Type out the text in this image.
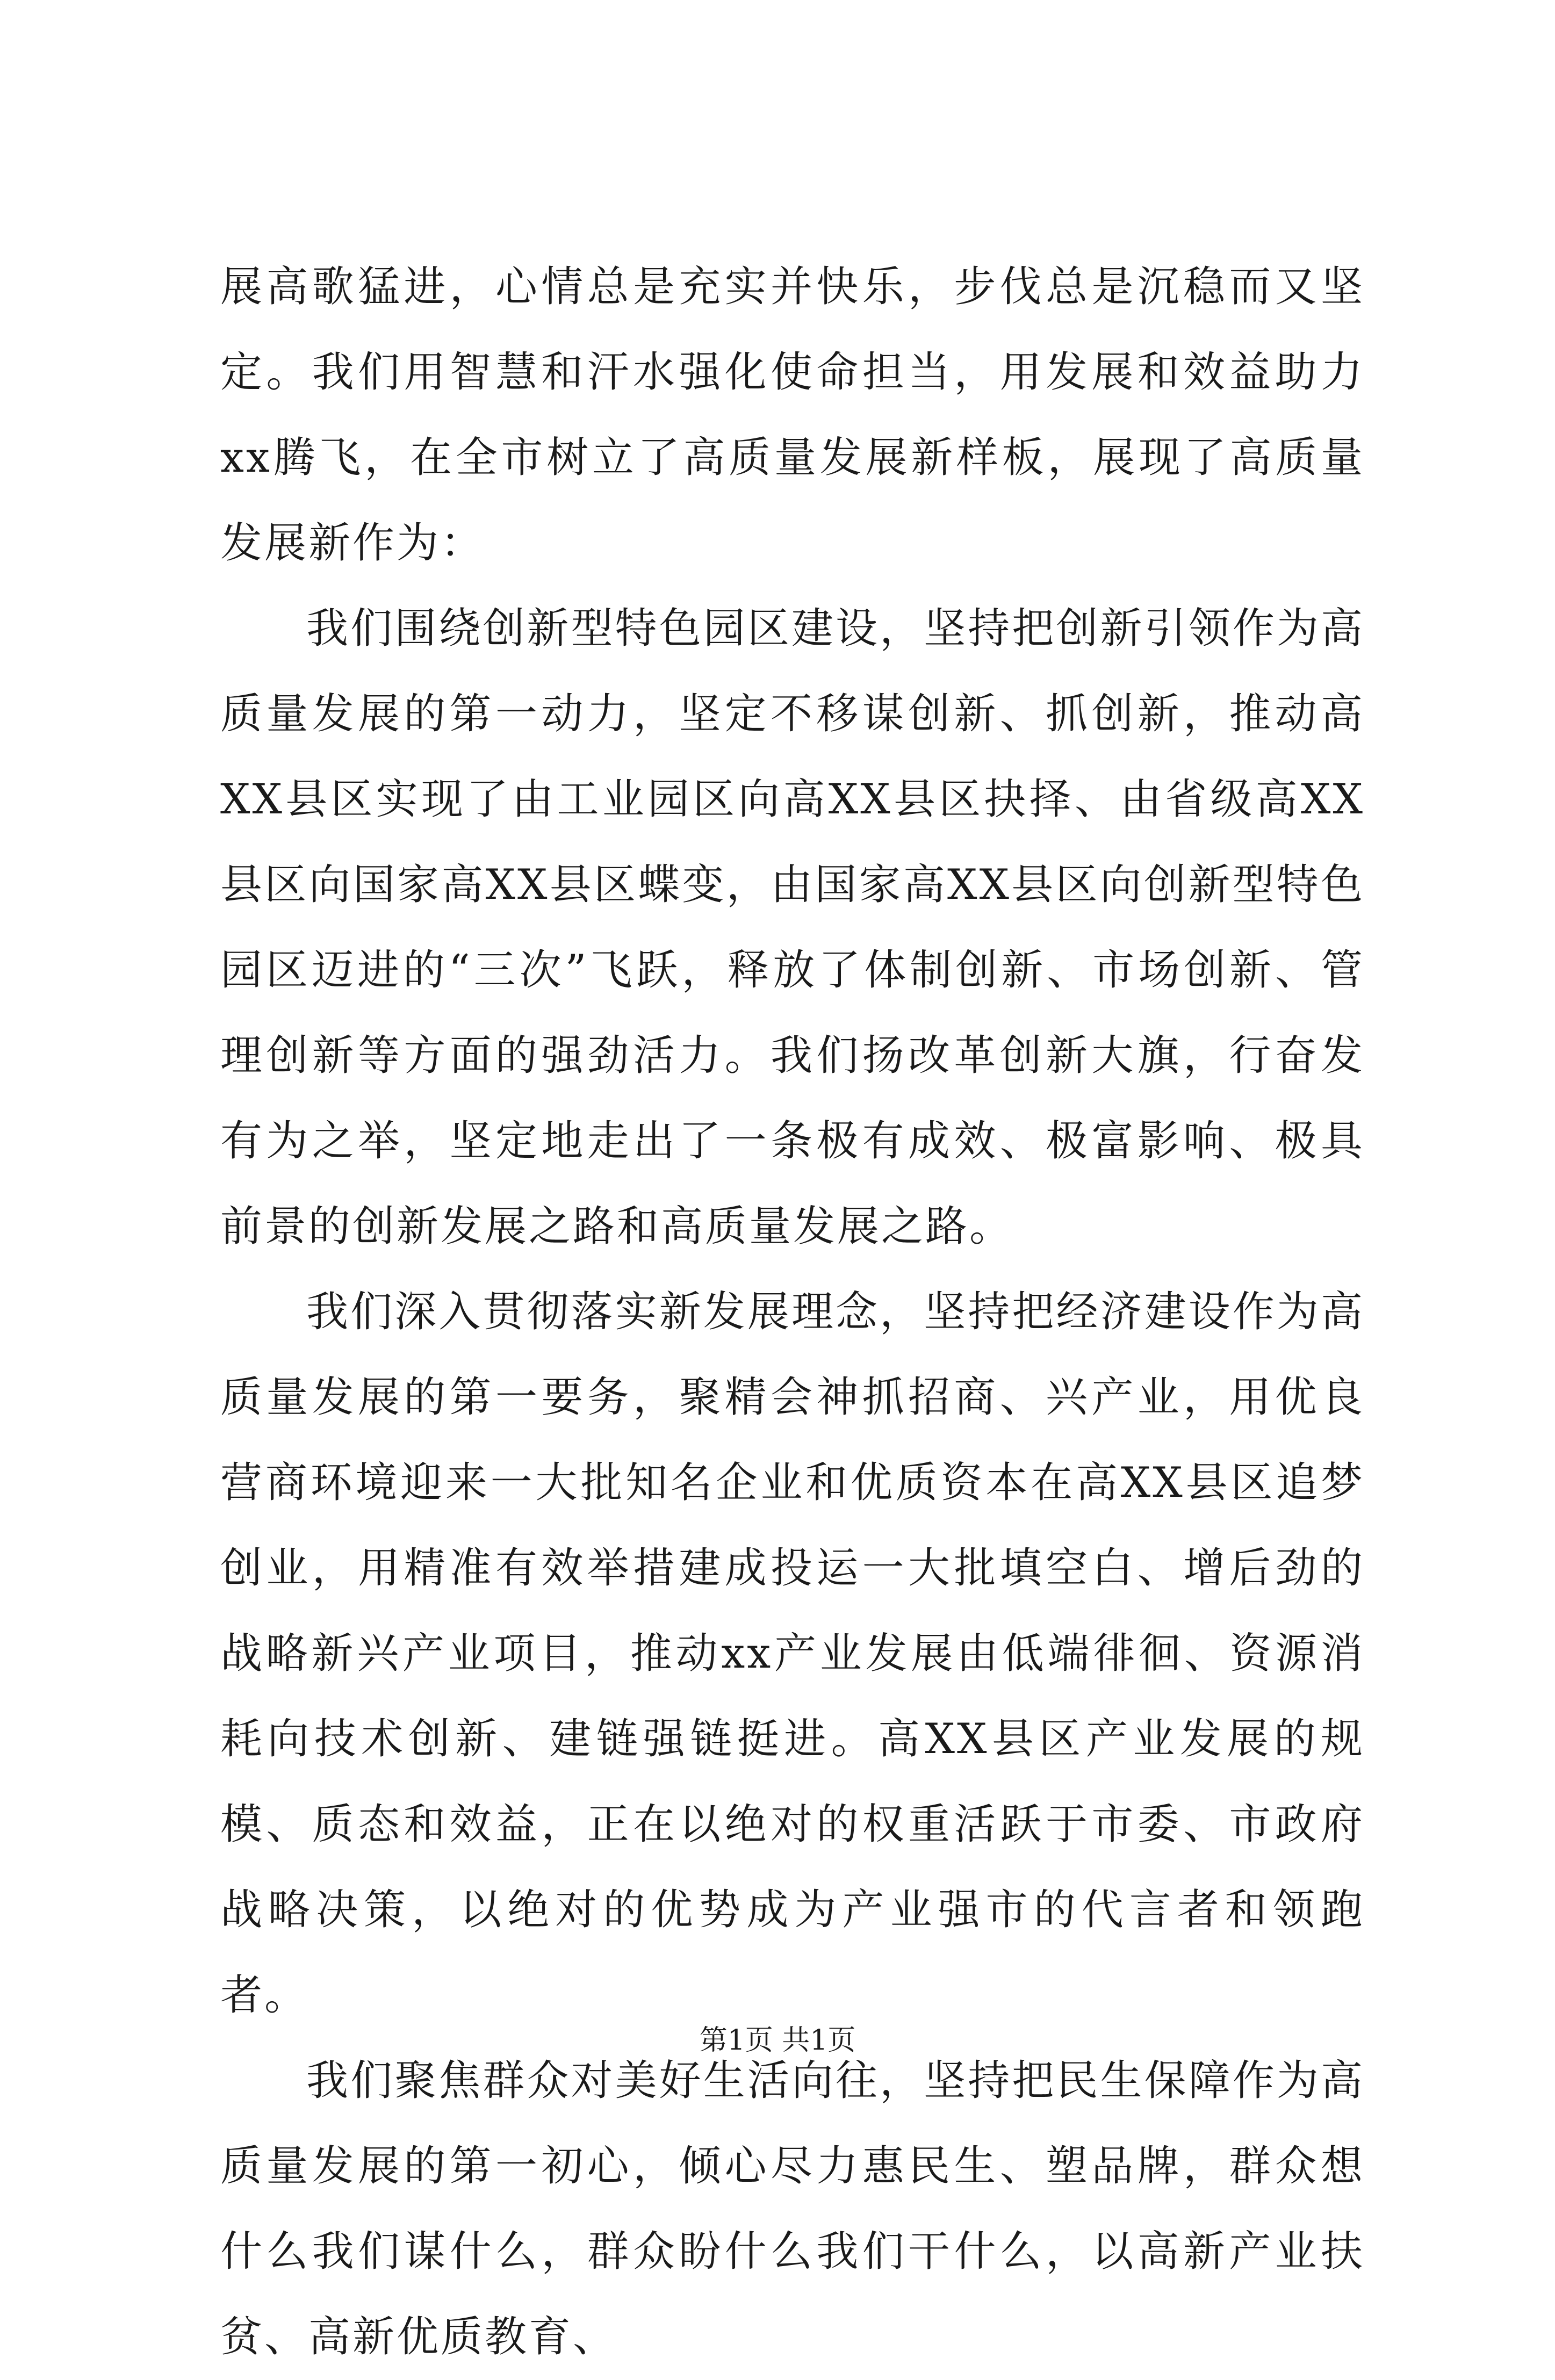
展高歌猛进，心情总是充实并快乐，步伐总是沉稳而又坚定。我们用智慧和汗水强化使命担当，用发展和效益助力xx腾飞，在全市树立了高质量发展新样板，展现了高质量发展新作为：

我们围绕创新型特色园区建设，坚持把创新引领作为高质量发展的第一动力，坚定不移谋创新、抓创新，推动高XX县区实现了由工业园区向高XX县区抉择、由省级高XX县区向国家高XX县区蝶变，由国家高XX县区向创新型特色园区迈进的“三次”飞跃，释放了体制创新、市场创新、管理创新等方面的强劲活力。我们扬改革创新大旗，行奋发有为之举，坚定地走出了一条极有成效、极富影响、极具前景的创新发展之路和高质量发展之路。

我们深入贯彻落实新发展理念，坚持把经济建设作为高质量发展的第一要务，聚精会神抓招商、兴产业，用优良营商环境迎来一大批知名企业和优质资本在高XX县区追梦创业，用精准有效举措建成投运一大批填空白、增后劲的战略新兴产业项目，推动xx产业发展由低端徘徊、资源消耗向技术创新、建链强链挺进。高XX县区产业发展的规模、质态和效益，正在以绝对的权重活跃于市委、市政府战略决策，以绝对的优势成为产业强市的代言者和领跑者。

我们聚焦群众对美好生活向往，坚持把民生保障作为高质量发展的第一初心，倾心尽力惠民生、塑品牌，群众想什么我们谋什么，群众盼什么我们干什么，以高新产业扶贫、高新优质教育、

第1页 共1页
